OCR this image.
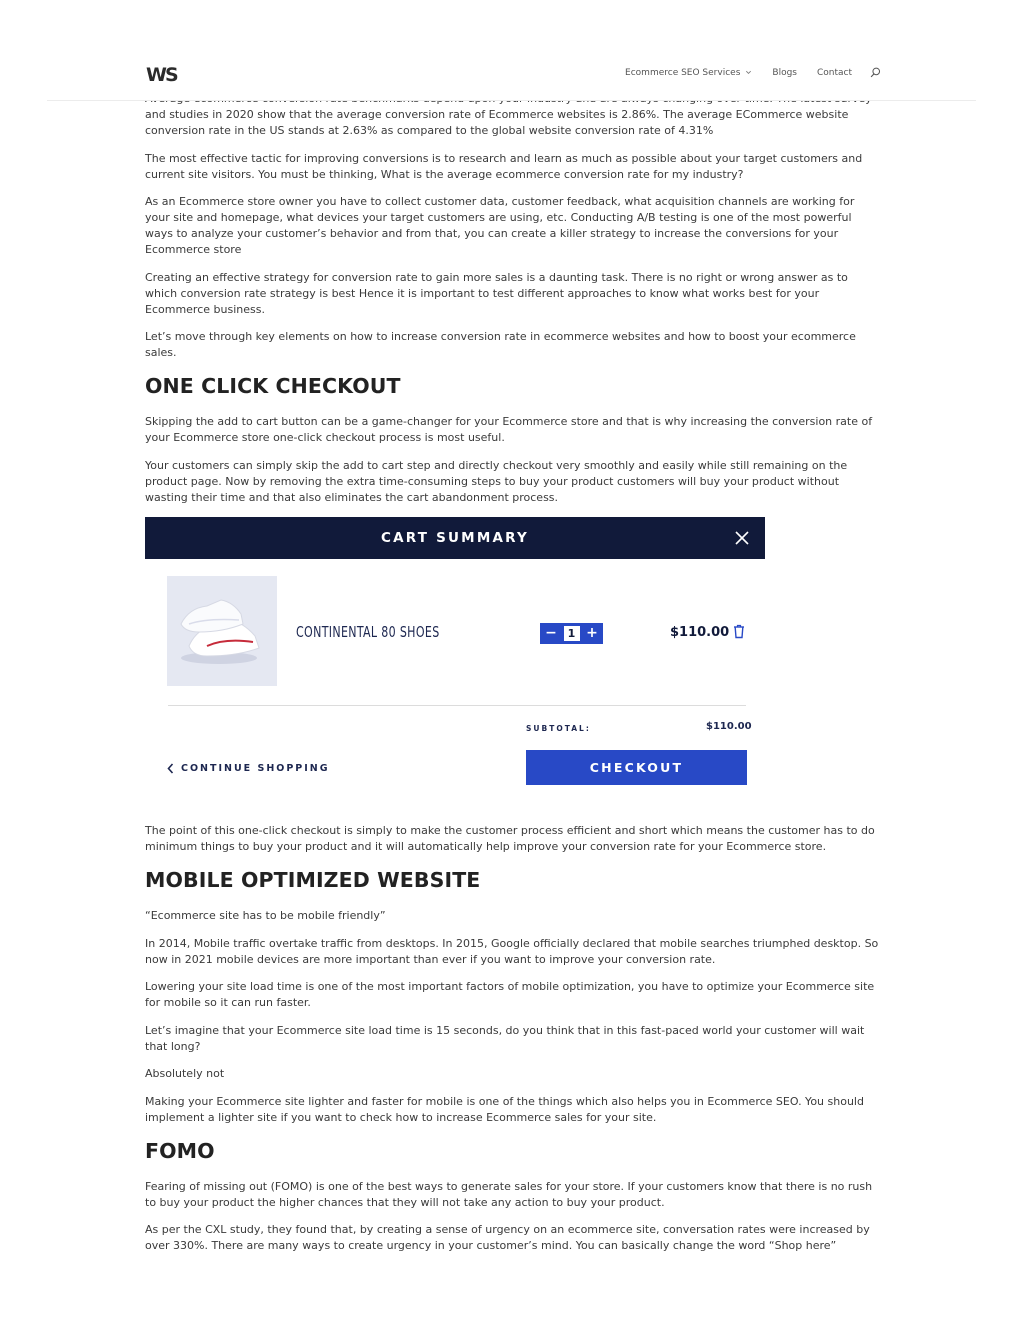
WS	Ecommerce SEO Services	Blogs Contact

and studies in 2020 show that the average conversion rate of Ecommerce websites is 2.86%. The average ECommerce website conversion rate in the US stands at 2.63% as compared to the global website conversion rate of 4.31%

The most effective tactic for improving conversions is to research and learn as much as possible about your target customers and current site visitors. You must be thinking, What is the average ecommerce conversion rate for my industry?

As an Ecommerce store owner you have to collect customer data, customer feedback, what acquisition channels are working for your site and homepage, what devices your target customers are using, etc. Conducting A/B testing is one of the most powerful ways to analyze your customer’s behavior and from that, you can create a killer strategy to increase the conversions for your Ecommerce store

Creating an effective strategy for conversion rate to gain more sales is a daunting task. There is no right or wrong answer as to which conversion rate strategy is best Hence it is important to test different approaches to know what works best for your Ecommerce business.

Let’s move through key elements on how to increase conversion rate in ecommerce websites and how to boost your ecommerce sales.

ONE CLICK CHECKOUT

Skipping the add to cart button can be a game-changer for your Ecommerce store and that is why increasing the conversion rate of your Ecommerce store one-click checkout process is most useful.

Your customers can simply skip the add to cart step and directly checkout very smoothly and easily while still remaining on the product page. Now by removing the extra time-consuming steps to buy your product customers will buy your product without wasting their time and that also eliminates the cart abandonment process.

CART SUMMARY
CONTINENTAL 80 SHOES	− 1 +	$110.00
SUBTOTAL:	$110.00
CONTINUE SHOPPING	CHECKOUT

The point of this one-click checkout is simply to make the customer process efficient and short which means the customer has to do minimum things to buy your product and it will automatically help improve your conversion rate for your Ecommerce store.

MOBILE OPTIMIZED WEBSITE

“Ecommerce site has to be mobile friendly”

In 2014, Mobile traffic overtake traffic from desktops. In 2015, Google officially declared that mobile searches triumphed desktop. So now in 2021 mobile devices are more important than ever if you want to improve your conversion rate.

Lowering your site load time is one of the most important factors of mobile optimization, you have to optimize your Ecommerce site for mobile so it can run faster.

Let’s imagine that your Ecommerce site load time is 15 seconds, do you think that in this fast-paced world your customer will wait that long?

Absolutely not

Making your Ecommerce site lighter and faster for mobile is one of the things which also helps you in Ecommerce SEO. You should implement a lighter site if you want to check how to increase Ecommerce sales for your site.

FOMO

Fearing of missing out (FOMO) is one of the best ways to generate sales for your store. If your customers know that there is no rush to buy your product the higher chances that they will not take any action to buy your product.

As per the CXL study, they found that, by creating a sense of urgency on an ecommerce site, conversation rates were increased by over 330%. There are many ways to create urgency in your customer’s mind. You can basically change the word “Shop here”
